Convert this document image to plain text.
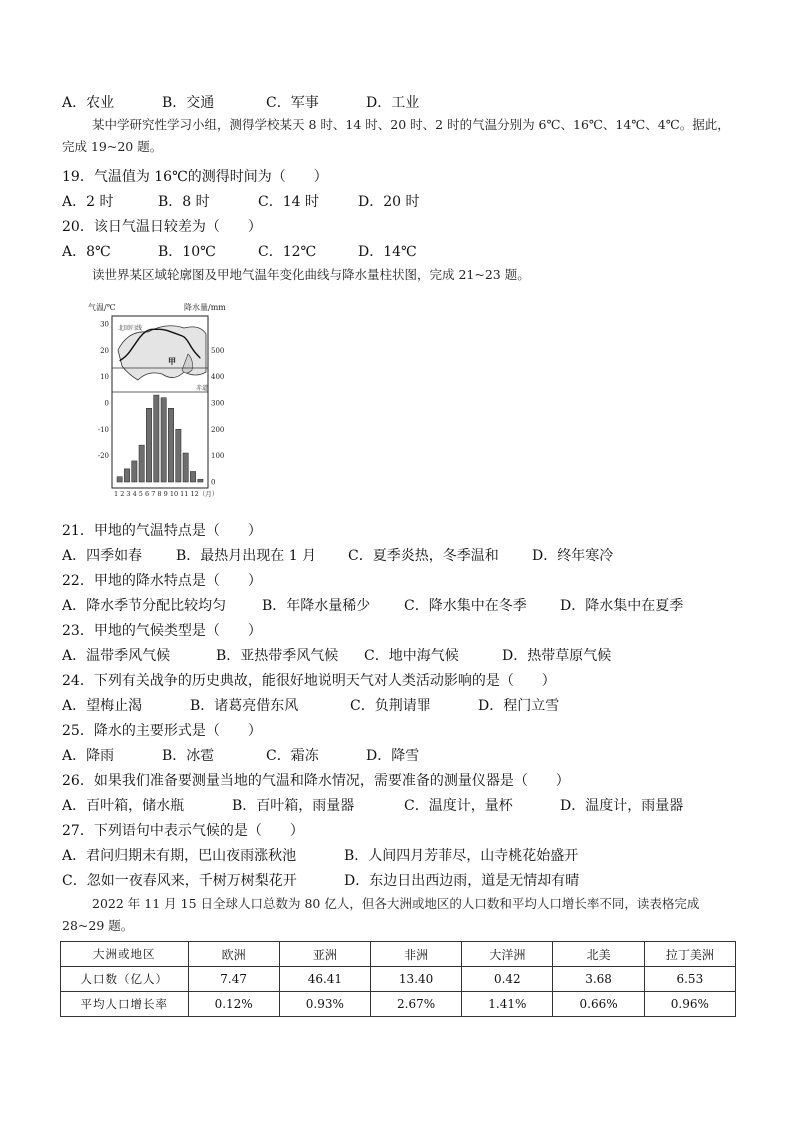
A．农业	B．交通	C．军事	D．工业
某中学研究性学习小组，测得学校某天 8 时、14 时、20 时、2 时的气温分别为 6℃、16℃、14℃、4℃。据此，完成 19~20 题。
19．气温值为 16℃的测得时间为（　　）
A．2 时	B．8 时	C．14 时	D．20 时
20．该日气温日较差为（　　）
A．8℃	B．10℃	C．12℃	D．14℃
读世界某区域轮廓图及甲地气温年变化曲线与降水量柱状图，完成 21~23 题。
气温/℃	降水量/mm
北回归线
赤道
甲
30
20
10
0
-10
-20
500
400
300
200
100
0
1 2 3 4 5 6 7 8 9 10 11 12（月）
21．甲地的气温特点是（　　）
A．四季如春 B．最热月出现在 1 月 C．夏季炎热，冬季温和 D．终年寒冷
22．甲地的降水特点是（　　）
A．降水季节分配比较均匀	B．年降水量稀少 C．降水集中在冬季 D．降水集中在夏季
23．甲地的气候类型是（　　）
A．温带季风气候	B．亚热带季风气候 C．地中海气候	D．热带草原气候
24．下列有关战争的历史典故，能很好地说明天气对人类活动影响的是（　　）
A．望梅止渴	B．诸葛亮借东风	C．负荆请罪	D．程门立雪
25．降水的主要形式是（　　）
A．降雨	B．冰雹	C．霜冻	D．降雪
26．如果我们准备要测量当地的气温和降水情况，需要准备的测量仪器是（　　）
A．百叶箱，储水瓶	B．百叶箱，雨量器	C．温度计，量杯	D．温度计，雨量器
27．下列语句中表示气候的是（　　）
A．君问归期未有期，巴山夜雨涨秋池	B．人间四月芳菲尽，山寺桃花始盛开
C．忽如一夜春风来，千树万树梨花开	D．东边日出西边雨，道是无情却有晴
2022 年 11 月 15 日全球人口总数为 80 亿人，但各大洲或地区的人口数和平均人口增长率不同，读表格完成 28~29 题。
大洲或地区	欧洲	亚洲	非洲	大洋洲	北美	拉丁美洲
人口数（亿人）	7.47	46.41	13.40	0.42	3.68	6.53
平均人口增长率	0.12%	0.93%	2.67%	1.41%	0.66%	0.96%
